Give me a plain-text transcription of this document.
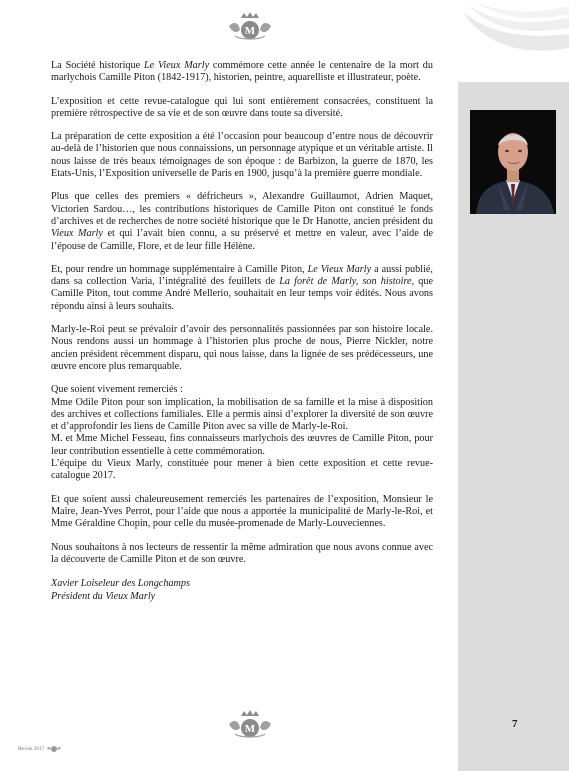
M

La Société historique Le Vieux Marly commémore cette année le centenaire de la mort du marlychois Camille Piton (1842-1917), historien, peintre, aquarelliste et illustrateur, poète.

L’exposition et cette revue-catalogue qui lui sont entièrement consacrées, constituent la première rétrospective de sa vie et de son œuvre dans toute sa diversité.

La préparation de cette exposition a été l’occasion pour beaucoup d’entre nous de découvrir au-delà de l’historien que nous connaissions, un personnage atypique et un véritable artiste. Il nous laisse de très beaux témoignages de son époque : de Barbizon, la guerre de 1870, les Etats-Unis, l’Exposition universelle de Paris en 1900, jusqu’à la première guerre mondiale.

Plus que celles des premiers « défricheurs », Alexandre Guillaumot, Adrien Maquet, Victorien Sardou…, les contributions historiques de Camille Piton ont constitué le fonds d’archives et de recherches de notre société historique que le Dr Hanotte, ancien président du Vieux Marly et qui l’avait bien connu, a su préservé et mettre en valeur, avec l’aide de l’épouse de Camille, Flore, et de leur fille Hélène.

Et, pour rendre un hommage supplémentaire à Camille Piton, Le Vieux Marly a aussi publié, dans sa collection Varia, l’intégralité des feuillets de La forêt de Marly, son histoire, que Camille Piton, tout comme André Mellerio, souhaitait en leur temps voir édités. Nous avons répondu ainsi à leurs souhaits.

Marly-le-Roi peut se prévaloir d’avoir des personnalités passionnées par son histoire locale. Nous rendons aussi un hommage à l’historien plus proche de nous, Pierre Nickler, notre ancien président récemment disparu, qui nous laisse, dans la lignée de ses prédécesseurs, une œuvre encore plus remarquable.

Que soient vivement remerciés :

Mme Odile Piton pour son implication, la mobilisation de sa famille et la mise à disposition des archives et collections familiales. Elle a permis ainsi d’explorer la diversité de son œuvre et d’approfondir les liens de Camille Piton avec sa ville de Marly-le-Roi.

M. et Mme Michel Fesseau, fins connaisseurs marlychois des œuvres de Camille Piton, pour leur contribution essentielle à cette commémoration.

L’équipe du Vieux Marly, constituée pour mener à bien cette exposition et cette revue-catalogue 2017.

Et que soient aussi chaleureusement remerciés les partenaires de l’exposition, Monsieur le Maire, Jean-Yves Perrot, pour l’aide que nous a apportée la municipalité de Marly-le-Roi, et Mme Géraldine Chopin, pour celle du musée-promenade de Marly-Louveciennes.

Nous souhaitons à nos lecteurs de ressentir la même admiration que nous avons connue avec la découverte de Camille Piton et de son œuvre.

Xavier Loiseleur des Longchamps
Président du Vieux Marly
M	7
Revue 2017
